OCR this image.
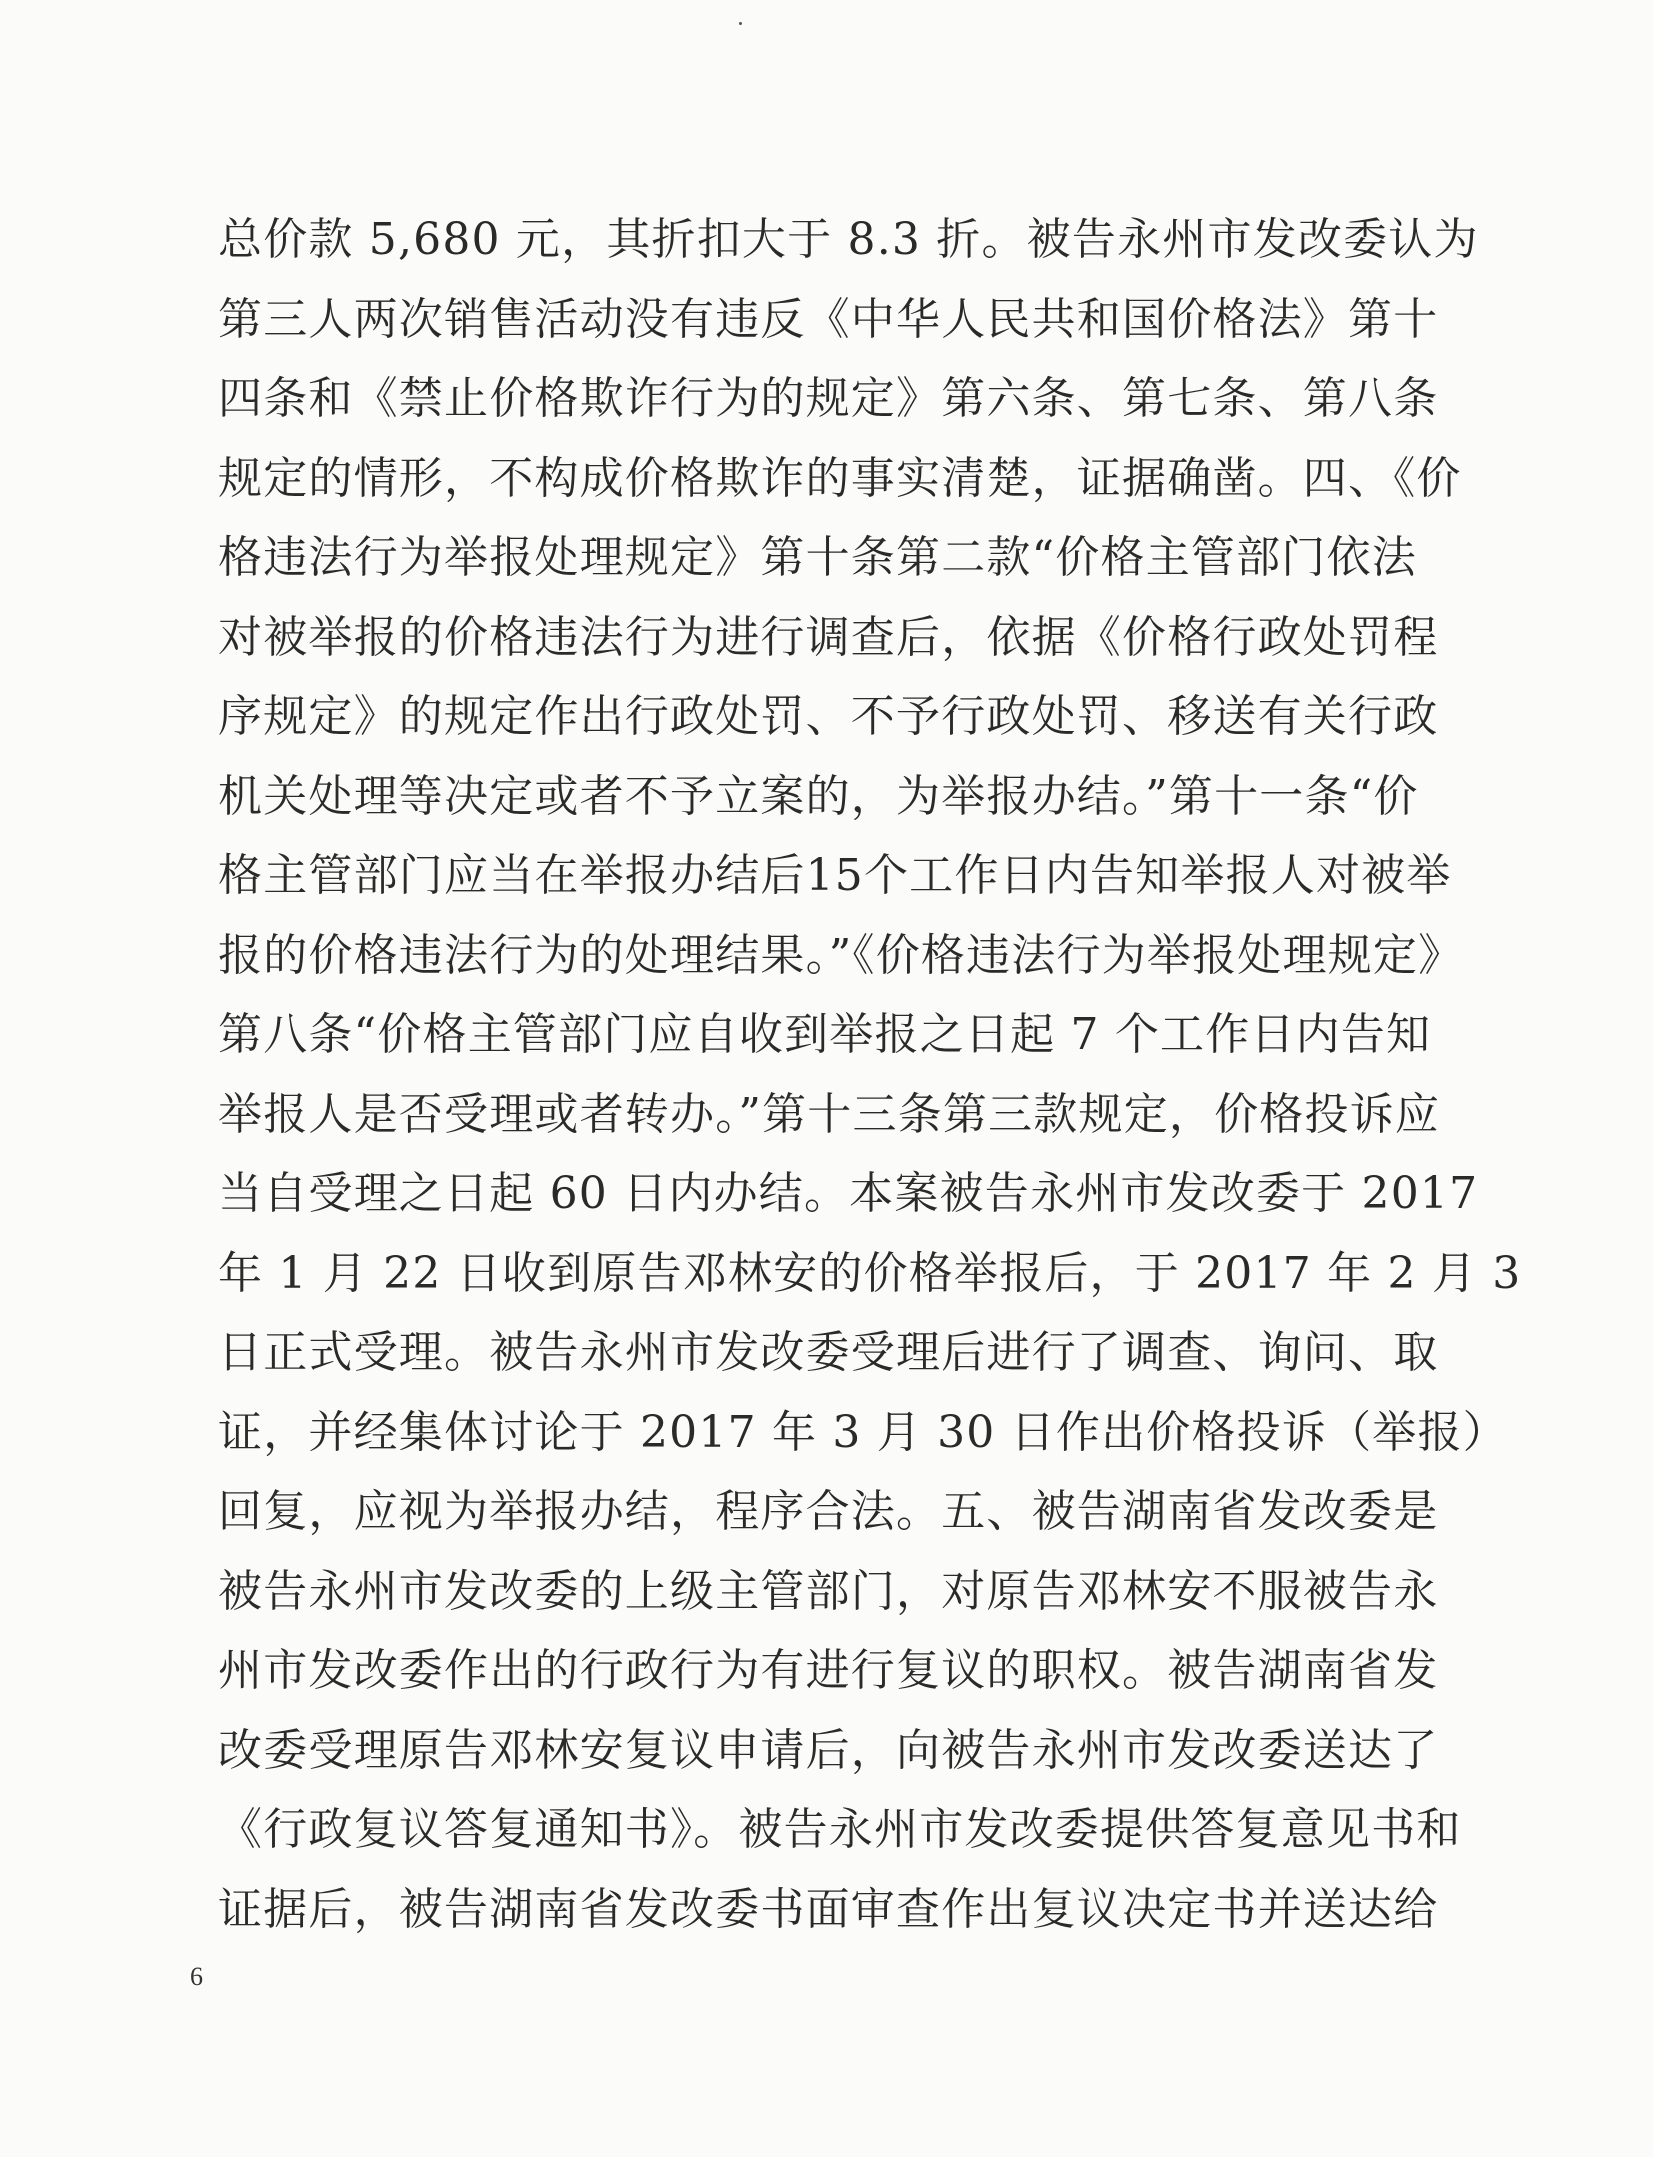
总价款 5,680 元，其折扣大于 8.3 折。被告永州市发改委认为
第三人两次销售活动没有违反《中华人民共和国价格法》第十
四条和《禁止价格欺诈行为的规定》第六条、第七条、第八条
规定的情形，不构成价格欺诈的事实清楚，证据确凿。四、《价
格违法行为举报处理规定》第十条第二款“价格主管部门依法
对被举报的价格违法行为进行调查后，依据《价格行政处罚程
序规定》的规定作出行政处罚、不予行政处罚、移送有关行政
机关处理等决定或者不予立案的，为举报办结。”第十一条“价
格主管部门应当在举报办结后15个工作日内告知举报人对被举
报的价格违法行为的处理结果。”《价格违法行为举报处理规定》
第八条“价格主管部门应自收到举报之日起 7 个工作日内告知
举报人是否受理或者转办。”第十三条第三款规定，价格投诉应
当自受理之日起 60 日内办结。本案被告永州市发改委于 2017
年 1 月 22 日收到原告邓林安的价格举报后，于 2017 年 2 月 3
日正式受理。被告永州市发改委受理后进行了调查、询问、取
证，并经集体讨论于 2017 年 3 月 30 日作出价格投诉（举报）
回复，应视为举报办结，程序合法。五、被告湖南省发改委是
被告永州市发改委的上级主管部门，对原告邓林安不服被告永
州市发改委作出的行政行为有进行复议的职权。被告湖南省发
改委受理原告邓林安复议申请后，向被告永州市发改委送达了
《行政复议答复通知书》。被告永州市发改委提供答复意见书和
证据后，被告湖南省发改委书面审查作出复议决定书并送达给
6
